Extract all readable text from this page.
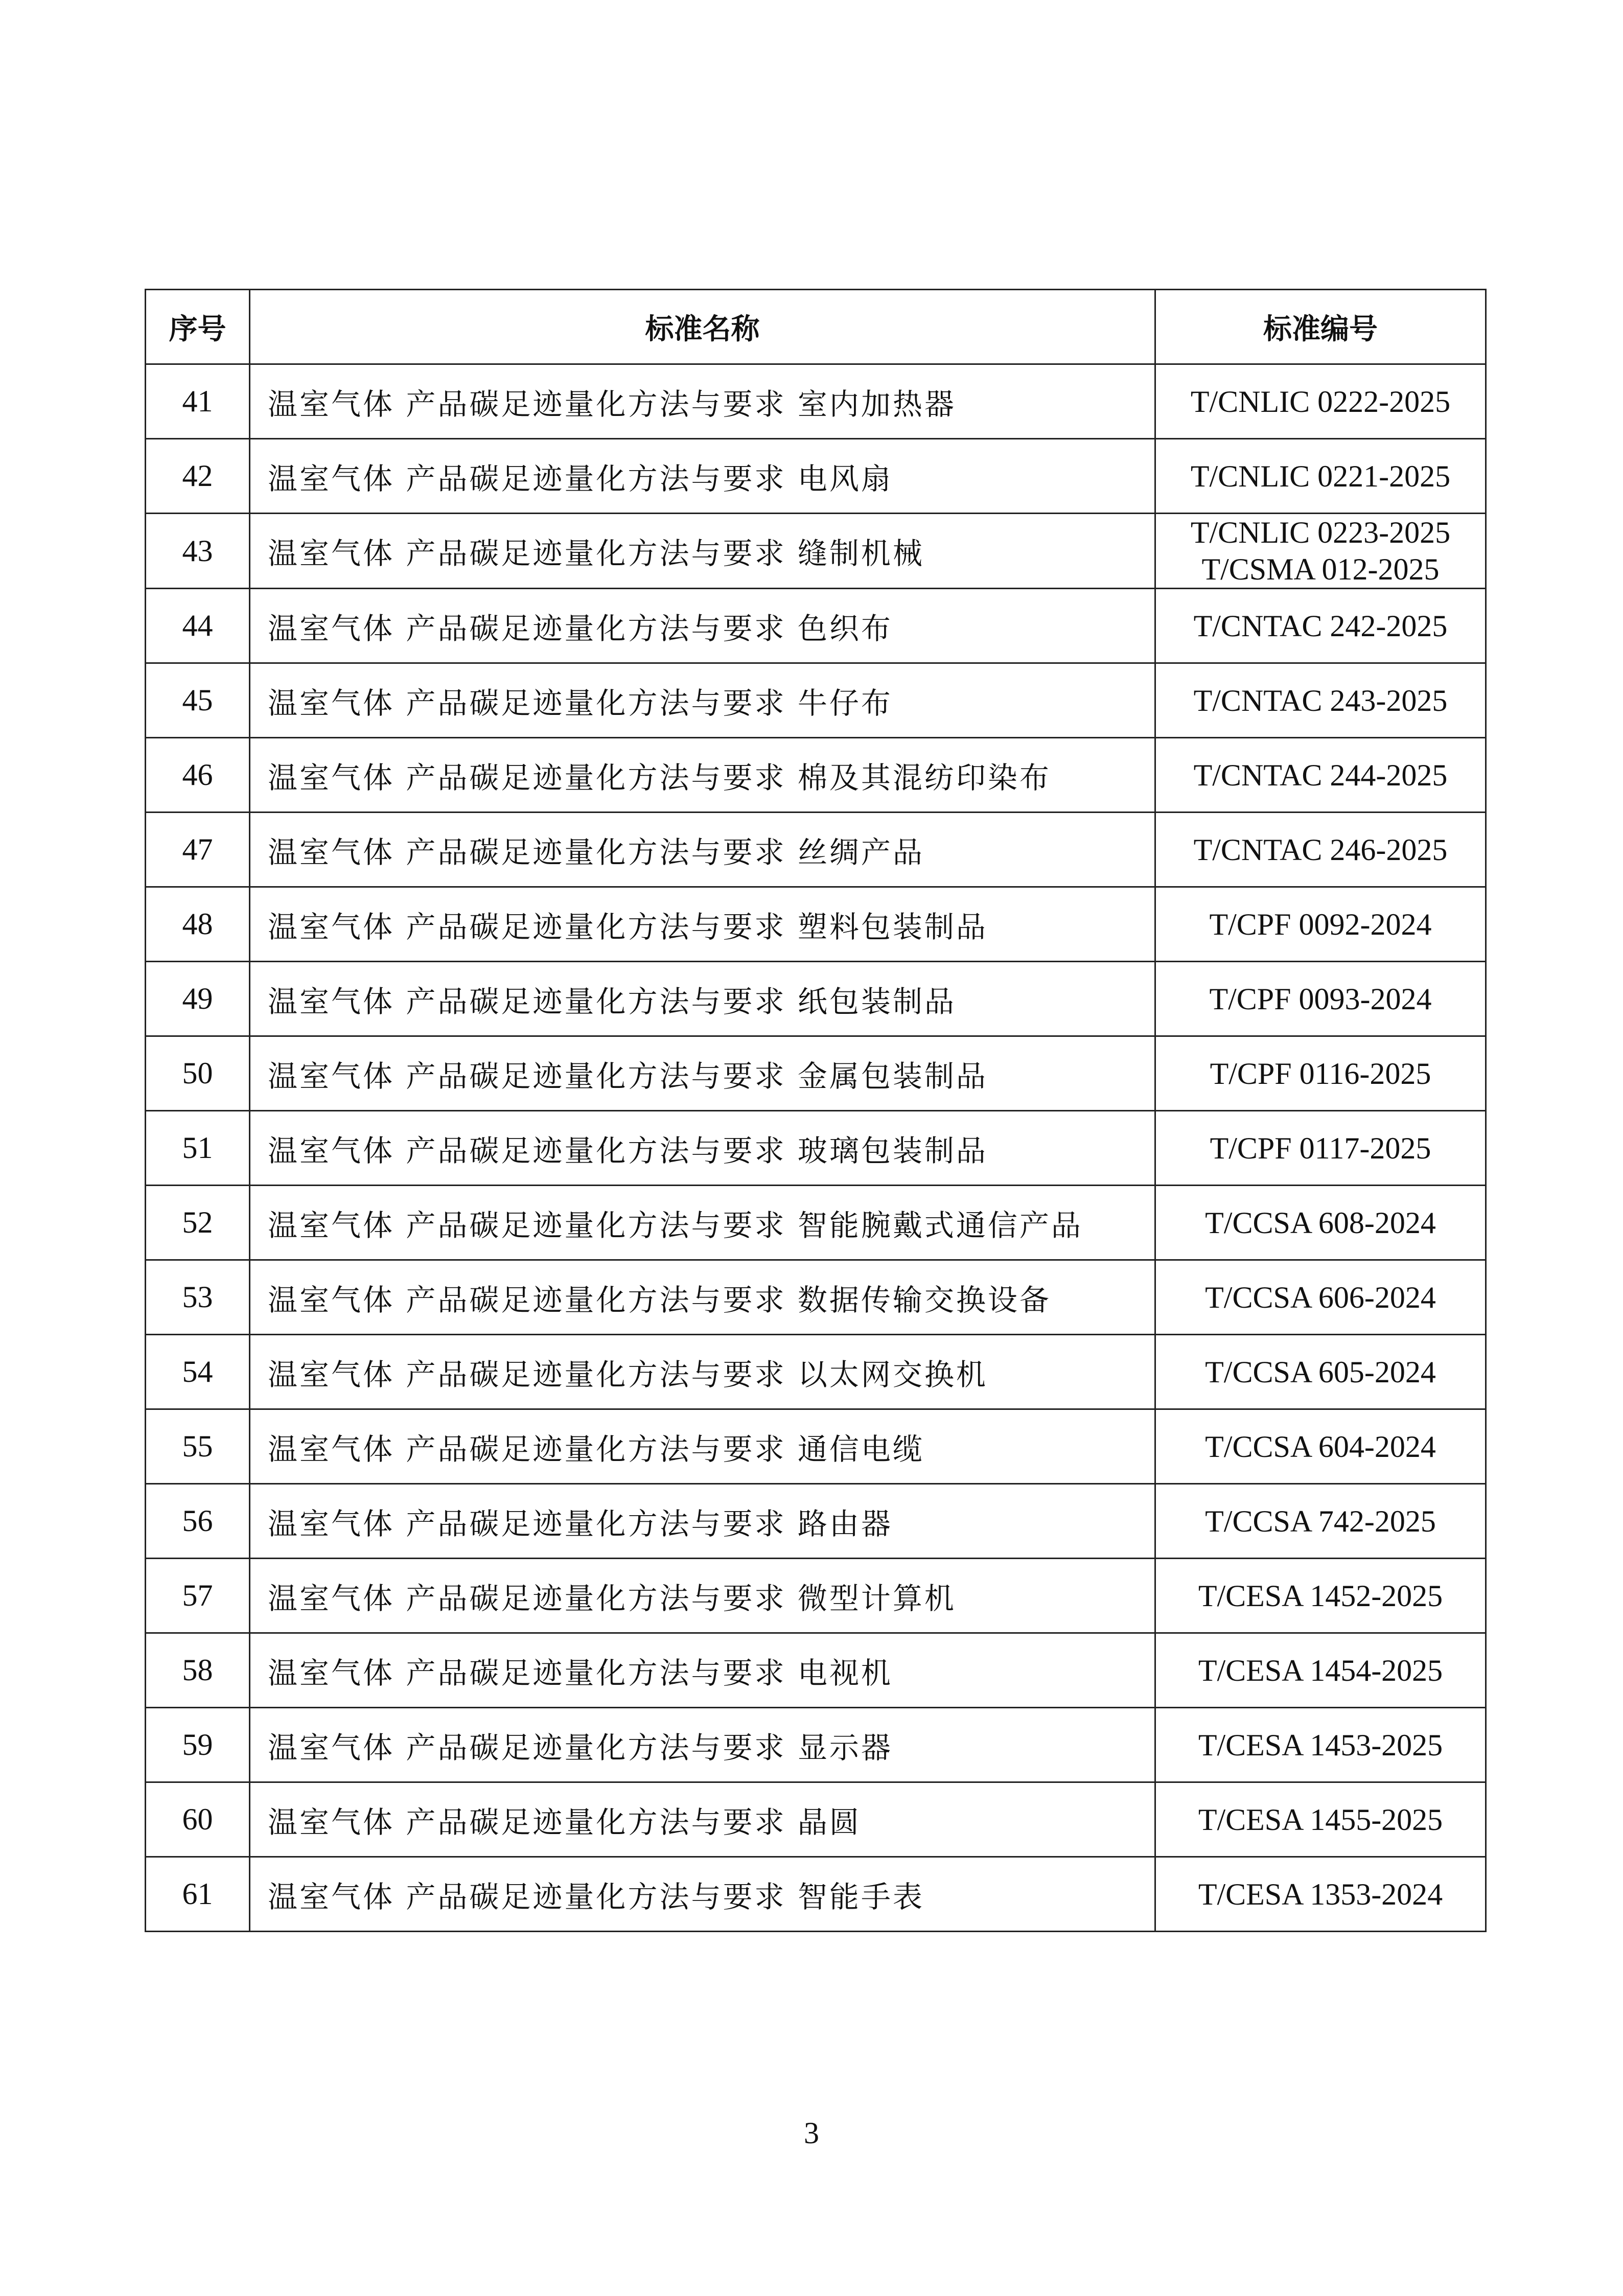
序号	标准名称	标准编号
41	温室气体 产品碳足迹量化方法与要求 室内加热器	T/CNLIC 0222-2025

42	温室气体 产品碳足迹量化方法与要求 电风扇	T/CNLIC 0221-2025

43	温室气体 产品碳足迹量化方法与要求 缝制机械	T/CNLIC 0223-2025
T/CSMA 012-2025

44	温室气体 产品碳足迹量化方法与要求 色织布	T/CNTAC 242-2025

45	温室气体 产品碳足迹量化方法与要求 牛仔布	T/CNTAC 243-2025

46	温室气体 产品碳足迹量化方法与要求 棉及其混纺印染布	T/CNTAC 244-2025

47	温室气体 产品碳足迹量化方法与要求 丝绸产品	T/CNTAC 246-2025

48	温室气体 产品碳足迹量化方法与要求 塑料包装制品	T/CPF 0092-2024

49	温室气体 产品碳足迹量化方法与要求 纸包装制品	T/CPF 0093-2024

50	温室气体 产品碳足迹量化方法与要求 金属包装制品	T/CPF 0116-2025

51	温室气体 产品碳足迹量化方法与要求 玻璃包装制品	T/CPF 0117-2025

52	温室气体 产品碳足迹量化方法与要求 智能腕戴式通信产品	T/CCSA 608-2024

53	温室气体 产品碳足迹量化方法与要求 数据传输交换设备	T/CCSA 606-2024

54	温室气体 产品碳足迹量化方法与要求 以太网交换机	T/CCSA 605-2024

55	温室气体 产品碳足迹量化方法与要求 通信电缆	T/CCSA 604-2024

56	温室气体 产品碳足迹量化方法与要求 路由器	T/CCSA 742-2025

57	温室气体 产品碳足迹量化方法与要求 微型计算机	T/CESA 1452-2025

58	温室气体 产品碳足迹量化方法与要求 电视机	T/CESA 1454-2025

59	温室气体 产品碳足迹量化方法与要求 显示器	T/CESA 1453-2025

60	温室气体 产品碳足迹量化方法与要求 晶圆	T/CESA 1455-2025

61	温室气体 产品碳足迹量化方法与要求 智能手表	T/CESA 1353-2024
3
